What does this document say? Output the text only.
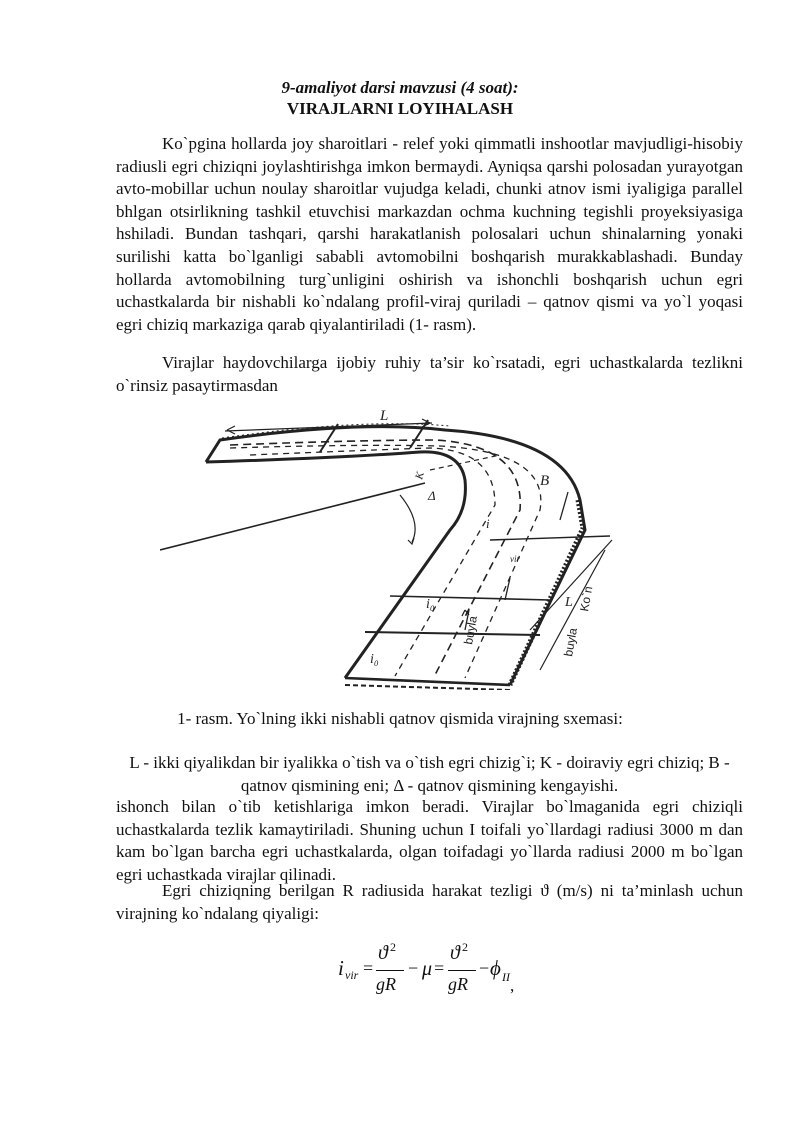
9-amaliyot darsi mavzusi (4 soat):
VIRAJLARNI LOYIHALASH

Ko`pgina hollarda joy sharoitlari - relef yoki qimmatli inshootlar mavjudligi-hisobiy radiusli egri chiziqni joylashtirishga imkon bermaydi. Ayniqsa qarshi polosadan yurayotgan avto-mobillar uchun noulay sharoitlar vujudga keladi, chunki atnov ismi iyaligiga parallel bhlgan otsirlikning tashkil etuvchisi markazdan ochma kuchning tegishli proyeksiyasiga hshiladi. Bundan tashqari, qarshi harakatlanish polosalari uchun shinalarning yonaki surilishi katta bo`lganligi sababli avtomobilni boshqarish murakkablashadi. Bunday hollarda avtomobilning turg`unligini oshirish va ishonchli boshqarish uchun egri uchastkalarda bir nishabli ko`ndalang profil-viraj quriladi – qatnov qismi va yo`l yoqasi egri chiziq markaziga qarab qiyalantiriladi (1- rasm).

Virajlar haydovchilarga ijobiy ruhiy ta’sir ko`rsatadi, egri uchastkalarda tezlikni o`rinsiz pasaytirmasdan

L
K	B
Δ
i
vir
i₀
i₀
L
buyla	buyla
Ko`n
1- rasm. Yo`lning ikki nishabli qatnov qismida virajning sxemasi:

L - ikki qiyalikdan bir iyalikka o`tish va o`tish egri chizig`i; K - doiraviy egri chiziq; B - qatnov qismining eni; Δ - qatnov qismining kengayishi.

ishonch bilan o`tib ketishlariga imkon beradi. Virajlar bo`lmaganida egri chiziqli uchastkalarda tezlik kamaytiriladi. Shuning uchun I toifali yo`llardagi radiusi 3000 m dan kam bo`lgan barcha egri uchastkalarda, olgan toifadagi yo`llarda radiusi 2000 m bo`lgan egri uchastkada virajlar qilinadi.

Egri chiziqning berilgan R radiusida harakat tezligi ϑ (m/s) ni ta’minlash uchun virajning ko`ndalang qiyaligi:

i vir =
ϑ 2
gR
− μ =
ϑ 2
gR
− ϕ II ,
